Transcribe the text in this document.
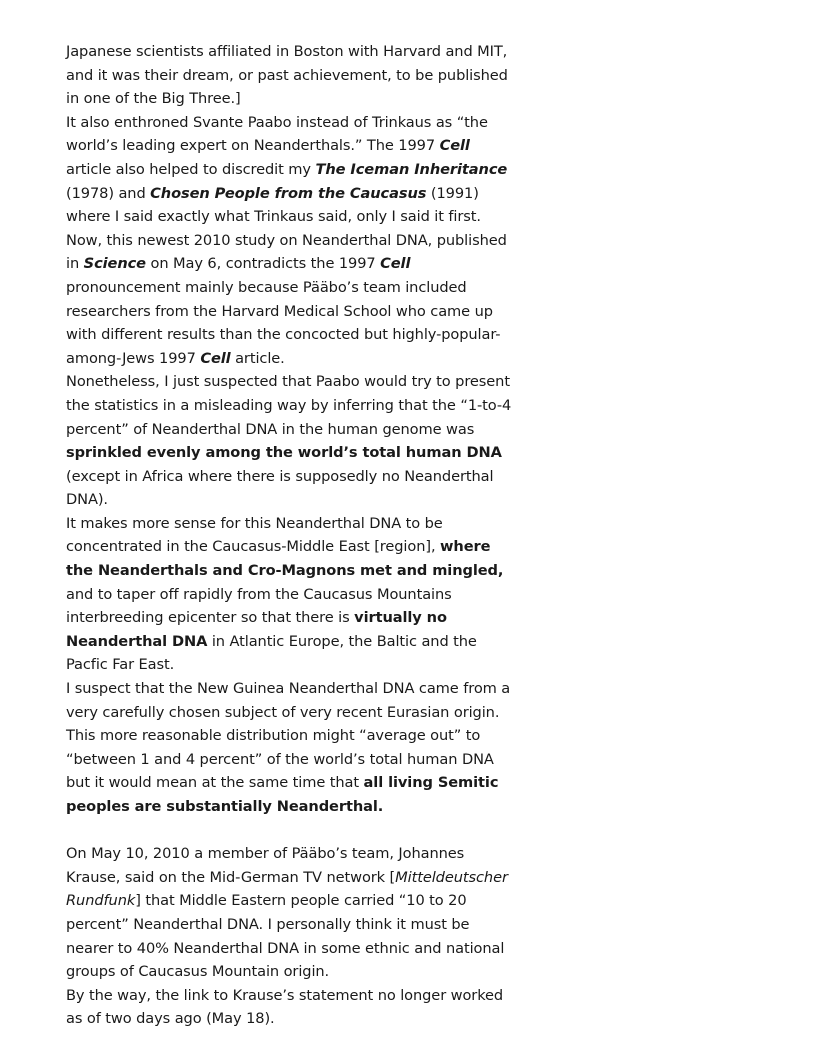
Japanese scientists affiliated in Boston with Harvard and MIT, and it was their dream, or past achievement, to be published in one of the Big Three.]

It also enthroned Svante Paabo instead of Trinkaus as “the world’s leading expert on Neanderthals.” The 1997 Cell article also helped to discredit my The Iceman Inheritance (1978) and Chosen People from the Caucasus (1991) where I said exactly what Trinkaus said, only I said it first.

Now, this newest 2010 study on Neanderthal DNA, published in Science on May 6, contradicts the 1997 Cell pronouncement mainly because Pääbo’s team included researchers from the Harvard Medical School who came up with different results than the concocted but highly-popular-among-Jews 1997 Cell article.

Nonetheless, I just suspected that Paabo would try to present the statistics in a misleading way by inferring that the “1-to-4 percent” of Neanderthal DNA in the human genome was sprinkled evenly among the world’s total human DNA (except in Africa where there is supposedly no Neanderthal DNA).

It makes more sense for this Neanderthal DNA to be concentrated in the Caucasus-Middle East [region], where the Neanderthals and Cro-Magnons met and mingled, and to taper off rapidly from the Caucasus Mountains interbreeding epicenter so that there is virtually no Neanderthal DNA in Atlantic Europe, the Baltic and the Pacfic Far East.

I suspect that the New Guinea Neanderthal DNA came from a very carefully chosen subject of very recent Eurasian origin.

This more reasonable distribution might “average out” to “between 1 and 4 percent” of the world’s total human DNA but it would mean at the same time that all living Semitic peoples are substantially Neanderthal.

On May 10, 2010 a member of Pääbo’s team, Johannes Krause, said on the Mid-German TV network [Mitteldeutscher Rundfunk] that Middle Eastern people carried “10 to 20 percent” Neanderthal DNA. I personally think it must be nearer to 40% Neanderthal DNA in some ethnic and national groups of Caucasus Mountain origin.

By the way, the link to Krause’s statement no longer worked as of two days ago (May 18).
